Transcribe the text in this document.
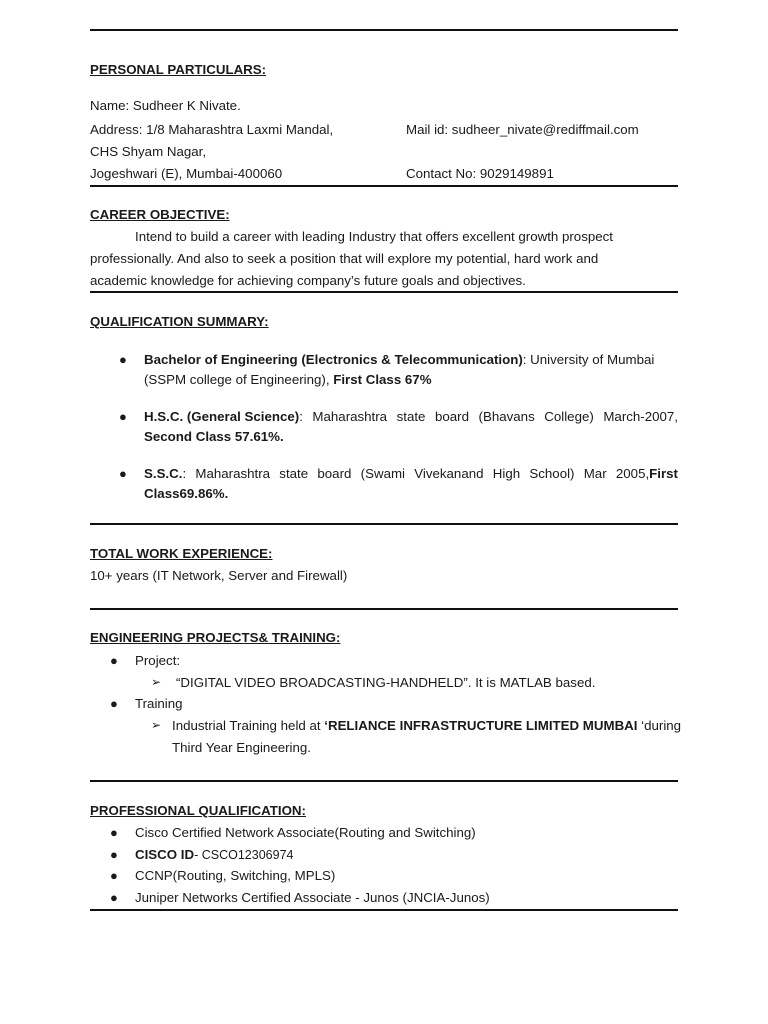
PERSONAL PARTICULARS:
Name: Sudheer K Nivate.
Address: 1/8 Maharashtra Laxmi Mandal,
CHS Shyam Nagar,
Jogeshwari (E), Mumbai-400060
Mail id: sudheer_nivate@rediffmail.com
Contact No: 9029149891
CAREER OBJECTIVE:
Intend to build a career with leading Industry that offers excellent growth prospect
professionally. And also to seek a position that will explore my potential, hard work and
academic knowledge for achieving company’s future goals and objectives.
QUALIFICATION SUMMARY:
● Bachelor of Engineering (Electronics & Telecommunication): University of Mumbai
(SSPM college of Engineering), First Class 67%
● H.S.C. (General Science) : Maharashtra state board (Bhavans College) March-2007,
Second Class 57.61%.
● S.S.C. : Maharashtra state board (Swami Vivekanand High School) Mar 2005, First
Class69.86%.
TOTAL WORK EXPERIENCE:
10+ years (IT Network, Server and Firewall)
ENGINEERING PROJECTS& TRAINING:
● Project:
➢ “DIGITAL VIDEO BROADCASTING-HANDHELD”. It is MATLAB based.
● Training
➢ Industrial Training held at ‘RELIANCE INFRASTRUCTURE LIMITED MUMBAI ‘during
Third Year Engineering.
PROFESSIONAL QUALIFICATION:
● Cisco Certified Network Associate(Routing and Switching)
● CISCO ID- CSCO12306974
● CCNP(Routing, Switching, MPLS)
● Juniper Networks Certified Associate - Junos (JNCIA-Junos)
